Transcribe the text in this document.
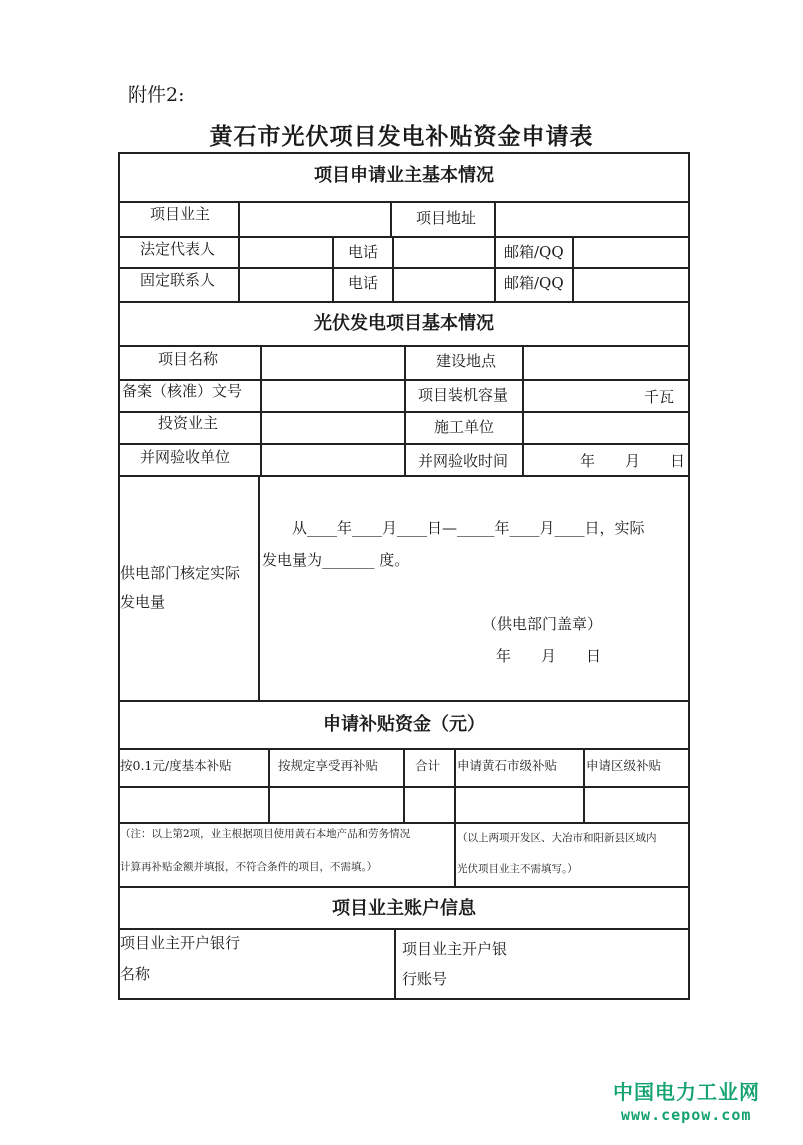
附件2:
黄石市光伏项目发电补贴资金申请表
项目申请业主基本情况
项目业主	项目地址
法定代表人	电话	邮箱/QQ
固定联系人	电话	邮箱/QQ
光伏发电项目基本情况
项目名称	建设地点
备案（核准）文号	项目装机容量	千瓦
投资业主	施工单位
并网验收单位	并网验收时间	年　　月　　日
供电部门核定实际
发电量
从____年____月____日—_____年____月____日，实际
发电量为_______ 度。
（供电部门盖章）
年　　月　　日
申请补贴资金（元）
按0.1元/度基本补贴	按规定享受再补贴	合计 申请黄石市级补贴 申请区级补贴
（注：以上第2项，业主根据项目使用黄石本地产品和劳务情况
计算再补贴金额并填报，不符合条件的项目，不需填。）
（以上两项开发区、大冶市和阳新县区域内
光伏项目业主不需填写。）
项目业主账户信息
项目业主开户银行
名称
项目业主开户银
行账号
中国电力工业网
www.cepow.com
